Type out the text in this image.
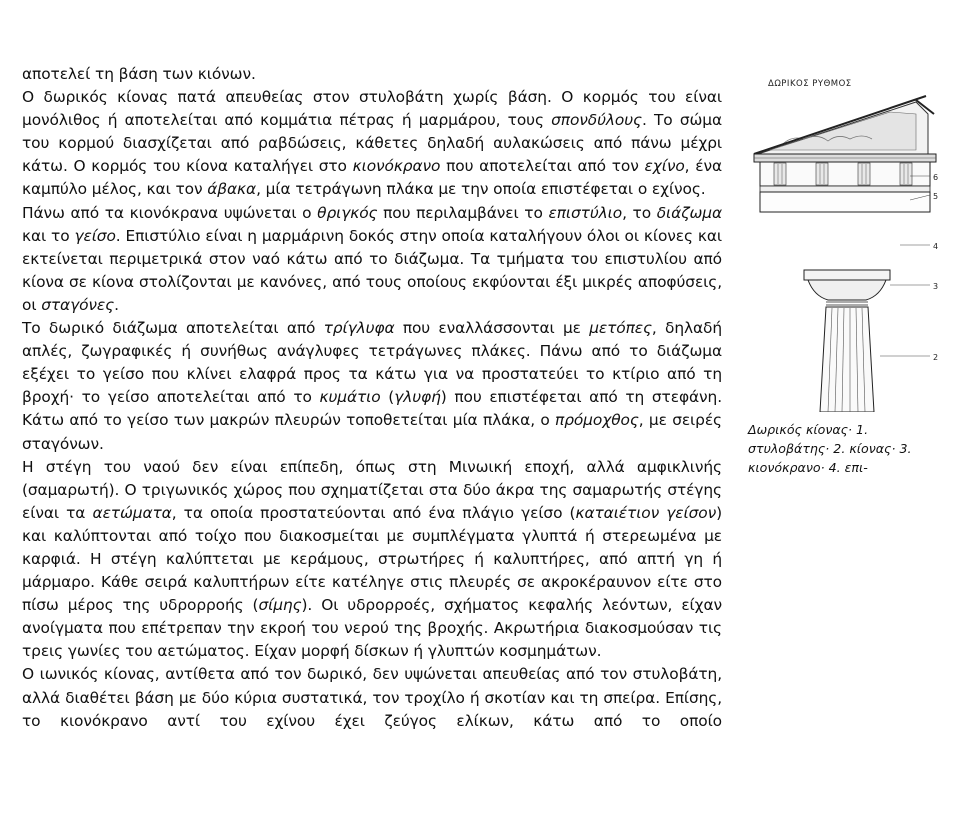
αποτελεί τη βάση των κιόνων.

Ο δωρικός κίονας πατά απευθείας στον στυλοβάτη χωρίς βάση. Ο κορμός του είναι μονόλιθος ή αποτελείται από κομμάτια πέτρας ή μαρμάρου, τους σπονδύλους. Το σώμα του κορμού διασχίζεται από ραβδώσεις, κάθετες δηλαδή αυλακώσεις από πάνω μέχρι κάτω. Ο κορμός του κίονα καταλήγει στο κιονόκρανο που αποτελείται από τον εχίνο, ένα καμπύλο μέλος, και τον άβακα, μία τετράγωνη πλάκα με την οποία επιστέφεται ο εχίνος.

Πάνω από τα κιονόκρανα υψώνεται ο θριγκός που περιλαμβάνει το επιστύλιο, το διάζωμα και το γείσο. Επιστύλιο είναι η μαρμάρινη δοκός στην οποία καταλήγουν όλοι οι κίονες και εκτείνεται περιμετρικά στον ναό κάτω από το διάζωμα. Τα τμήματα του επιστυλίου από κίονα σε κίονα στολίζονται με κανόνες, από τους οποίους εκφύονται έξι μικρές αποφύσεις, οι σταγόνες.

Το δωρικό διάζωμα αποτελείται από τρίγλυφα που εναλλάσσονται με μετόπες, δηλαδή απλές, ζωγραφικές ή συνήθως ανάγλυφες τετράγωνες πλάκες. Πάνω από το διάζωμα εξέχει το γείσο που κλίνει ελαφρά προς τα κάτω για να προστατεύει το κτίριο από τη βροχή· το γείσο αποτελείται από το κυμάτιο (γλυφή) που επιστέφεται από τη στεφάνη. Κάτω από το γείσο των μακρών πλευρών τοποθετείται μία πλάκα, ο πρόμοχθος, με σειρές σταγόνων.

Η στέγη του ναού δεν είναι επίπεδη, όπως στη Μινωική εποχή, αλλά αμφικλινής (σαμαρωτή). Ο τριγωνικός χώρος που σχηματίζεται στα δύο άκρα της σαμαρωτής στέγης είναι τα αετώματα, τα οποία προστατεύονται από ένα πλάγιο γείσο (καταιέτιον γείσον) και καλύπτονται από τοίχο που διακοσμείται με συμπλέγματα γλυπτά ή στερεωμένα με καρφιά. Η στέγη καλύπτεται με κεράμους, στρωτήρες ή καλυπτήρες, από απτή γη ή μάρμαρο. Κάθε σειρά καλυπτήρων είτε κατέληγε στις πλευρές σε ακροκέραυνον είτε στο πίσω μέρος της υδρορροής (σίμης). Οι υδρορροές, σχήματος κεφαλής λεόντων, είχαν ανοίγματα που επέτρεπαν την εκροή του νερού της βροχής. Ακρωτήρια διακοσμούσαν τις τρεις γωνίες του αετώματος. Είχαν μορφή δίσκων ή γλυπτών κοσμημάτων.

Ο ιωνικός κίονας, αντίθετα από τον δωρικό, δεν υψώνεται απευθείας από τον στυλοβάτη, αλλά διαθέτει βάση με δύο κύρια συστατικά, τον τροχίλο ή σκοτίαν και τη σπείρα. Επίσης, το κιονόκρανο αντί του εχίνου έχει ζεύγος ελίκων, κάτω από το οποίο

ΔΩΡΙΚΟΣ ΡΥΘΜΟΣ
6
5
4
3
2
Δωρικός κίονας· 1. στυλοβάτης· 2. κίονας· 3. κιονόκρανο· 4. επι-
